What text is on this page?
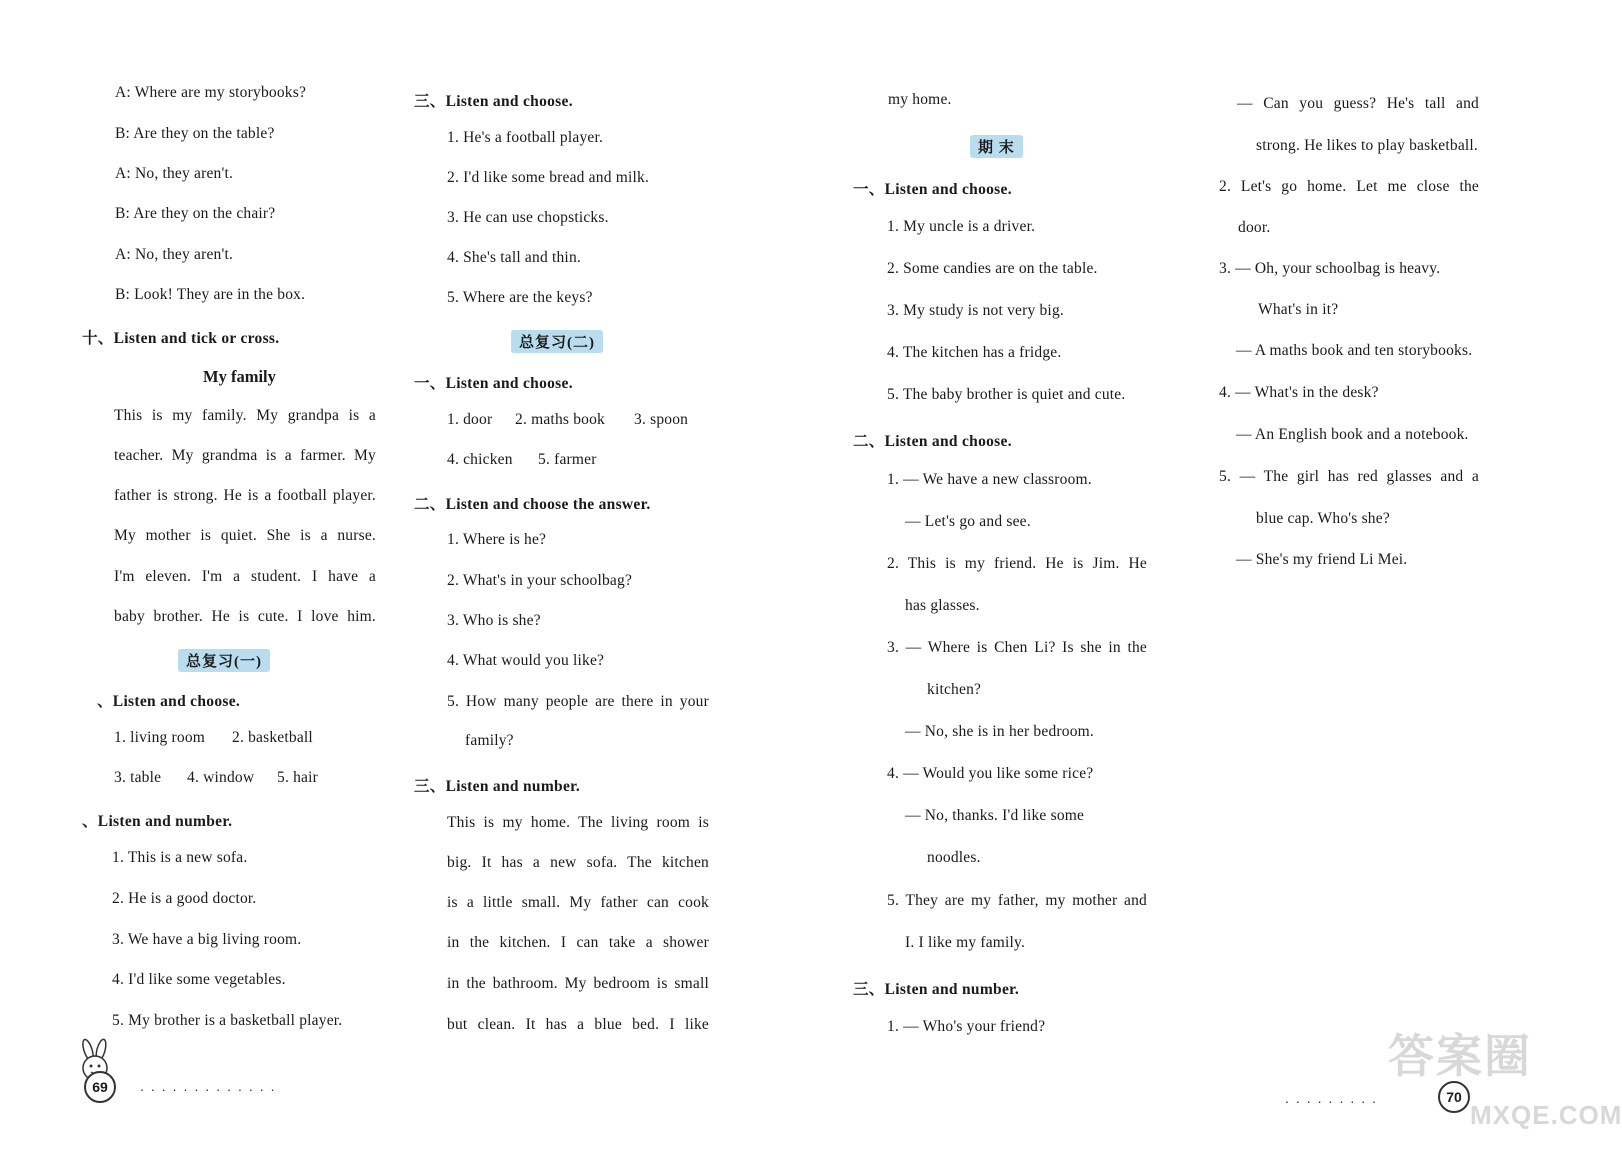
A: Where are my storybooks?
B: Are they on the table?
A: No, they aren't.
B: Are they on the chair?
A: No, they aren't.
B: Look! They are in the box.
十、Listen and tick or cross.
My family
This is my family. My grandpa is a
teacher. My grandma is a farmer. My
father is strong. He is a football player.
My mother is quiet. She is a nurse.
I'm eleven. I'm a student. I have a
baby brother. He is cute. I love him.
总复习(一)
、Listen and choose.
1. living room 2. basketball
3. table 4. window 5. hair
、Listen and number.
1. This is a new sofa.
2. He is a good doctor.
3. We have a big living room.
4. I'd like some vegetables.
5. My brother is a basketball player.
69	.............
三、Listen and choose.
1. He's a football player.
2. I'd like some bread and milk.
3. He can use chopsticks.
4. She's tall and thin.
5. Where are the keys?
总复习(二)
一、Listen and choose.
1. door 2. maths book 3. spoon
4. chicken 5. farmer
二、Listen and choose the answer.
1. Where is he?
2. What's in your schoolbag?
3. Who is she?
4. What would you like?
5. How many people are there in your
family?
三、Listen and number.
This is my home. The living room is
big. It has a new sofa. The kitchen
is a little small. My father can cook
in the kitchen. I can take a shower
in the bathroom. My bedroom is small
but clean. It has a blue bed. I like
my home.
期 末
一、Listen and choose.
1. My uncle is a driver.
2. Some candies are on the table.
3. My study is not very big.
4. The kitchen has a fridge.
5. The baby brother is quiet and cute.
二、Listen and choose.
1. — We have a new classroom.
— Let's go and see.
2. This is my friend. He is Jim. He
has glasses.
3. — Where is Chen Li? Is she in the
kitchen?
— No, she is in her bedroom.
4. — Would you like some rice?
— No, thanks. I'd like some
noodles.
5. They are my father, my mother and
I. I like my family.
三、Listen and number.
1. — Who's your friend?
— Can you guess? He's tall and
strong. He likes to play basketball.
2. Let's go home. Let me close the
door.
3. — Oh, your schoolbag is heavy.
What's in it?
— A maths book and ten storybooks.
4. — What's in the desk?
— An English book and a notebook.
5. — The girl has red glasses and a
blue cap. Who's she?
— She's my friend Li Mei.
.........	70
答案圈
MXQE.COM
